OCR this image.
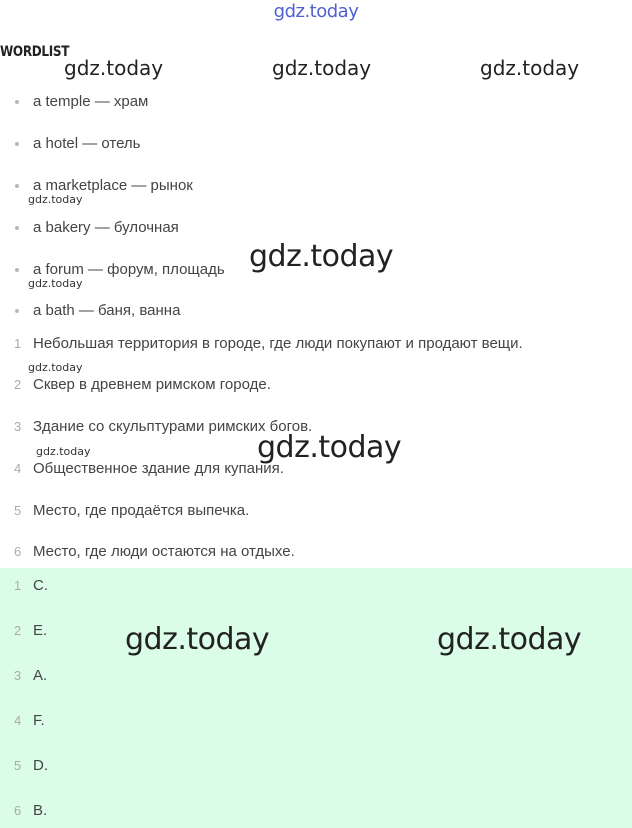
gdz.today
WORDLIST
a temple — храм
a hotel — отель
a marketplace — рынок
a bakery — булочная
a forum — форум, площадь
a bath — баня, ванна
1 Небольшая территория в городе, где люди покупают и продают вещи.
2 Сквер в древнем римском городе.
3 Здание со скульптурами римских богов.
4 Общественное здание для купания.
5 Место, где продаётся выпечка.
6 Место, где люди остаются на отдыхе.
1 C.
2 E.
3 A.
4 F.
5 D.
6 B.
gdz.today	gdz.today	gdz.today
gdz.today
gdz.today
gdz.today
gdz.today
gdz.today
gdz.today
gdz.today	gdz.today
